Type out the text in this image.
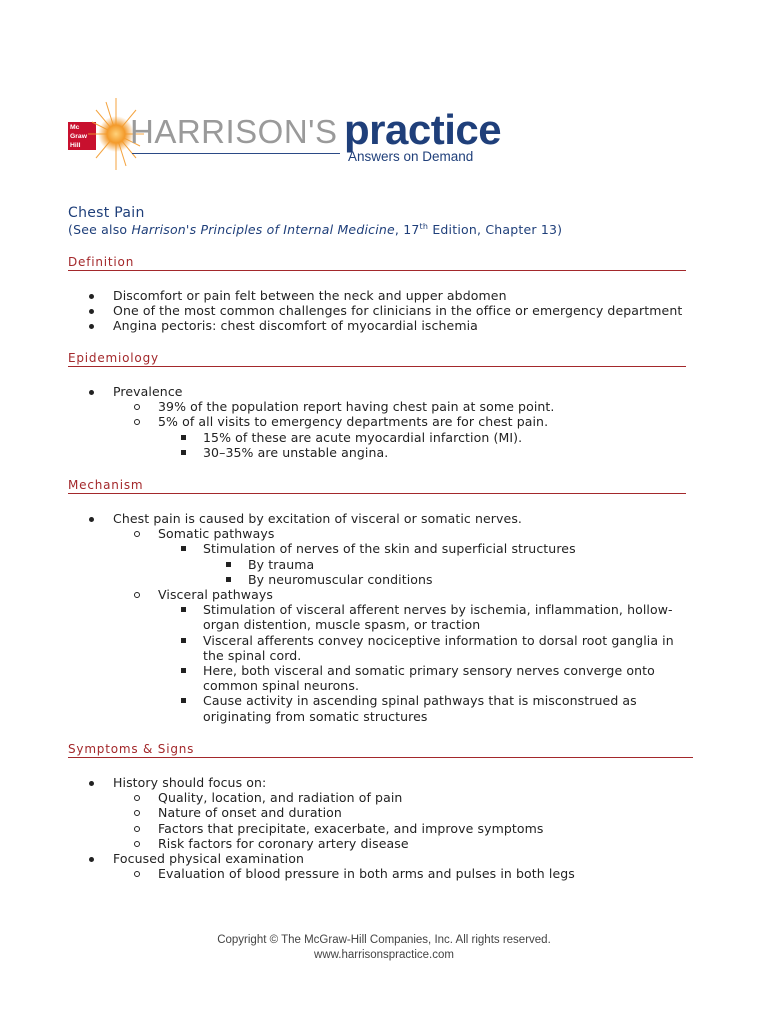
Mc
Graw
Hill	HARRISON'S practice
Answers on Demand
Chest Pain
(See also Harrison's Principles of Internal Medicine, 17th Edition, Chapter 13)
Definition
Discomfort or pain felt between the neck and upper abdomen
One of the most common challenges for clinicians in the office or emergency department
Angina pectoris: chest discomfort of myocardial ischemia
Epidemiology
Prevalence
39% of the population report having chest pain at some point.
5% of all visits to emergency departments are for chest pain.
15% of these are acute myocardial infarction (MI).
30–35% are unstable angina.
Mechanism
Chest pain is caused by excitation of visceral or somatic nerves.
Somatic pathways
Stimulation of nerves of the skin and superficial structures
By trauma
By neuromuscular conditions
Visceral pathways
Stimulation of visceral afferent nerves by ischemia, inflammation, hollow-organ distention, muscle spasm, or traction
Visceral afferents convey nociceptive information to dorsal root ganglia in the spinal cord.
Here, both visceral and somatic primary sensory nerves converge onto common spinal neurons.
Cause activity in ascending spinal pathways that is misconstrued as originating from somatic structures
Symptoms & Signs
History should focus on:
Quality, location, and radiation of pain
Nature of onset and duration
Factors that precipitate, exacerbate, and improve symptoms
Risk factors for coronary artery disease
Focused physical examination
Evaluation of blood pressure in both arms and pulses in both legs
Copyright © The McGraw-Hill Companies, Inc. All rights reserved.
www.harrisonspractice.com
